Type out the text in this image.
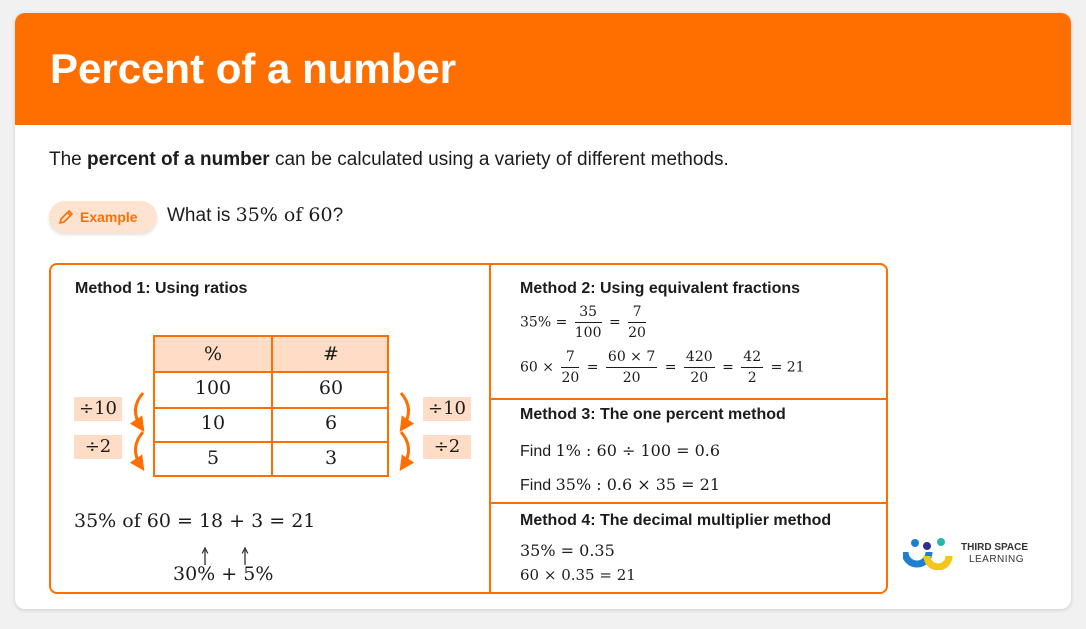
Percent of a number
The percent of a number can be calculated using a variety of different methods.
Example What is 35% of 60?
Method 1: Using ratios
%	#
100	60
10	6
5	3
÷10
÷2
÷10
÷2
35% of 60 = 18 + 3 = 21
30% + 5%
Method 2: Using equivalent fractions
$35\% = \frac{35}{100} = \frac{7}{20}$
$60 \times \frac{7}{20} = \frac{60 \times 7}{20} = \frac{420}{20} = \frac{42}{2} = 21$
Method 3: The one percent method
Find 1% : 60 ÷ 100 = 0.6
Find 35% : 0.6 × 35 = 21
Method 4: The decimal multiplier method
35% = 0.35
60 × 0.35 = 21
THIRD SPACE
LEARNING
